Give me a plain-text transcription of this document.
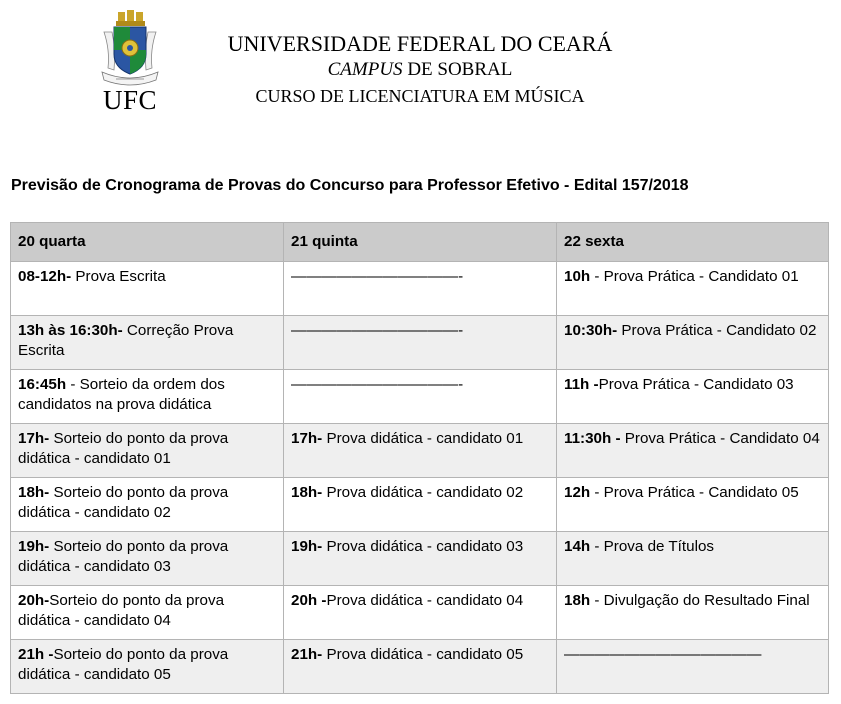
UFC
UNIVERSIDADE FEDERAL DO CEARÁ
CAMPUS DE SOBRAL
CURSO DE LICENCIATURA EM MÚSICA
Previsão de Cronograma de Provas do Concurso para Professor Efetivo - Edital 157/2018
20 quarta	21 quinta	22 sexta
08-12h- Prova Escrita	———————————-	10h - Prova Prática - Candidato 01
13h às 16:30h- Correção Prova Escrita	———————————-	10:30h- Prova Prática - Candidato 02
16:45h - Sorteio da ordem dos candidatos na prova didática	———————————-	11h -Prova Prática - Candidato 03
17h- Sorteio do ponto da prova didática - candidato 01	17h- Prova didática - candidato 01	11:30h - Prova Prática - Candidato 04
18h- Sorteio do ponto da prova didática - candidato 02	18h- Prova didática - candidato 02	12h - Prova Prática - Candidato 05
19h- Sorteio do ponto da prova didática - candidato 03	19h- Prova didática - candidato 03	14h - Prova de Títulos
20h-Sorteio do ponto da prova didática - candidato 04	20h -Prova didática - candidato 04	18h - Divulgação do Resultado Final
21h -Sorteio do ponto da prova didática - candidato 05	21h- Prova didática - candidato 05	—————————————
